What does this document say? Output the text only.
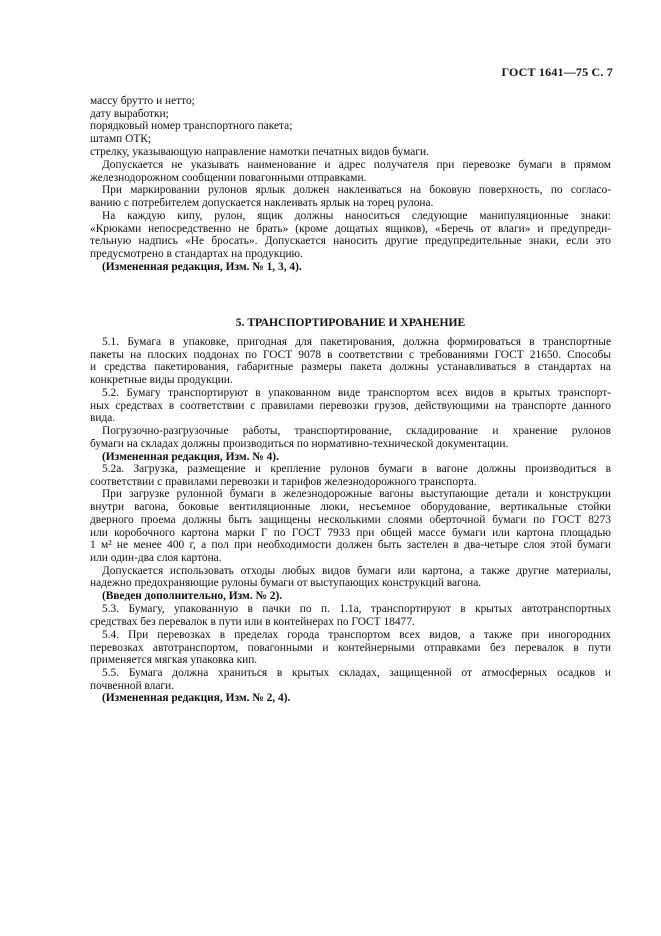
ГОСТ 1641—75 С. 7
массу брутто и нетто;
дату выработки;
порядковый номер транспортного пакета;
штамп ОТК;
стрелку, указывающую направление намотки печатных видов бумаги.
Допускается не указывать наименование и адрес получателя при перевозке бумаги в прямом
железнодорожном сообщении повагонными отправками.
При маркировании рулонов ярлык должен наклеиваться на боковую поверхность, по согласо-
ванию с потребителем допускается наклеивать ярлык на торец рулона.
На каждую кипу, рулон, ящик должны наноситься следующие манипуляционные знаки:
«Крюками непосредственно не брать» (кроме дощатых ящиков), «Беречь от влаги» и предупреди-
тельную надпись «Не бросать». Допускается наносить другие предупредительные знаки, если это
предусмотрено в стандартах на продукцию.
(Измененная редакция, Изм. № 1, 3, 4).
5. ТРАНСПОРТИРОВАНИЕ И ХРАНЕНИЕ
5.1. Бумага в упаковке, пригодная для пакетирования, должна формироваться в транспортные
пакеты на плоских поддонах по ГОСТ 9078 в соответствии с требованиями ГОСТ 21650. Способы
и средства пакетирования, габаритные размеры пакета должны устанавливаться в стандартах на
конкретные виды продукции.
5.2. Бумагу транспортируют в упакованном виде транспортом всех видов в крытых транспорт-
ных средствах в соответствии с правилами перевозки грузов, действующими на транспорте данного
вида.
Погрузочно-разгрузочные работы, транспортирование, складирование и хранение рулонов
бумаги на складах должны производиться по нормативно-технической документации.
(Измененная редакция, Изм. № 4).
5.2а. Загрузка, размещение и крепление рулонов бумаги в вагоне должны производиться в
соответствии с правилами перевозки и тарифов железнодорожного транспорта.
При загрузке рулонной бумаги в железнодорожные вагоны выступающие детали и конструкции
внутри вагона, боковые вентиляционные люки, несъемное оборудование, вертикальные стойки
дверного проема должны быть защищены несколькими слоями оберточной бумаги по ГОСТ 8273
или коробочного картона марки Г по ГОСТ 7933 при общей массе бумаги или картона площадью
1 м² не менее 400 г, а пол при необходимости должен быть застелен в два-четыре слоя этой бумаги
или один-два слоя картона.
Допускается использовать отходы любых видов бумаги или картона, а также другие материалы,
надежно предохраняющие рулоны бумаги от выступающих конструкций вагона.
(Введен дополнительно, Изм. № 2).
5.3. Бумагу, упакованную в пачки по п. 1.1а, транспортируют в крытых автотранспортных
средствах без перевалок в пути или в контейнерах по ГОСТ 18477.
5.4. При перевозках в пределах города транспортом всех видов, а также при иногородних
перевозках автотранспортом, повагонными и контейнерными отправками без перевалок в пути
применяется мягкая упаковка кип.
5.5. Бумага должна храниться в крытых складах, защищенной от атмосферных осадков и
почвенной влаги.
(Измененная редакция, Изм. № 2, 4).
